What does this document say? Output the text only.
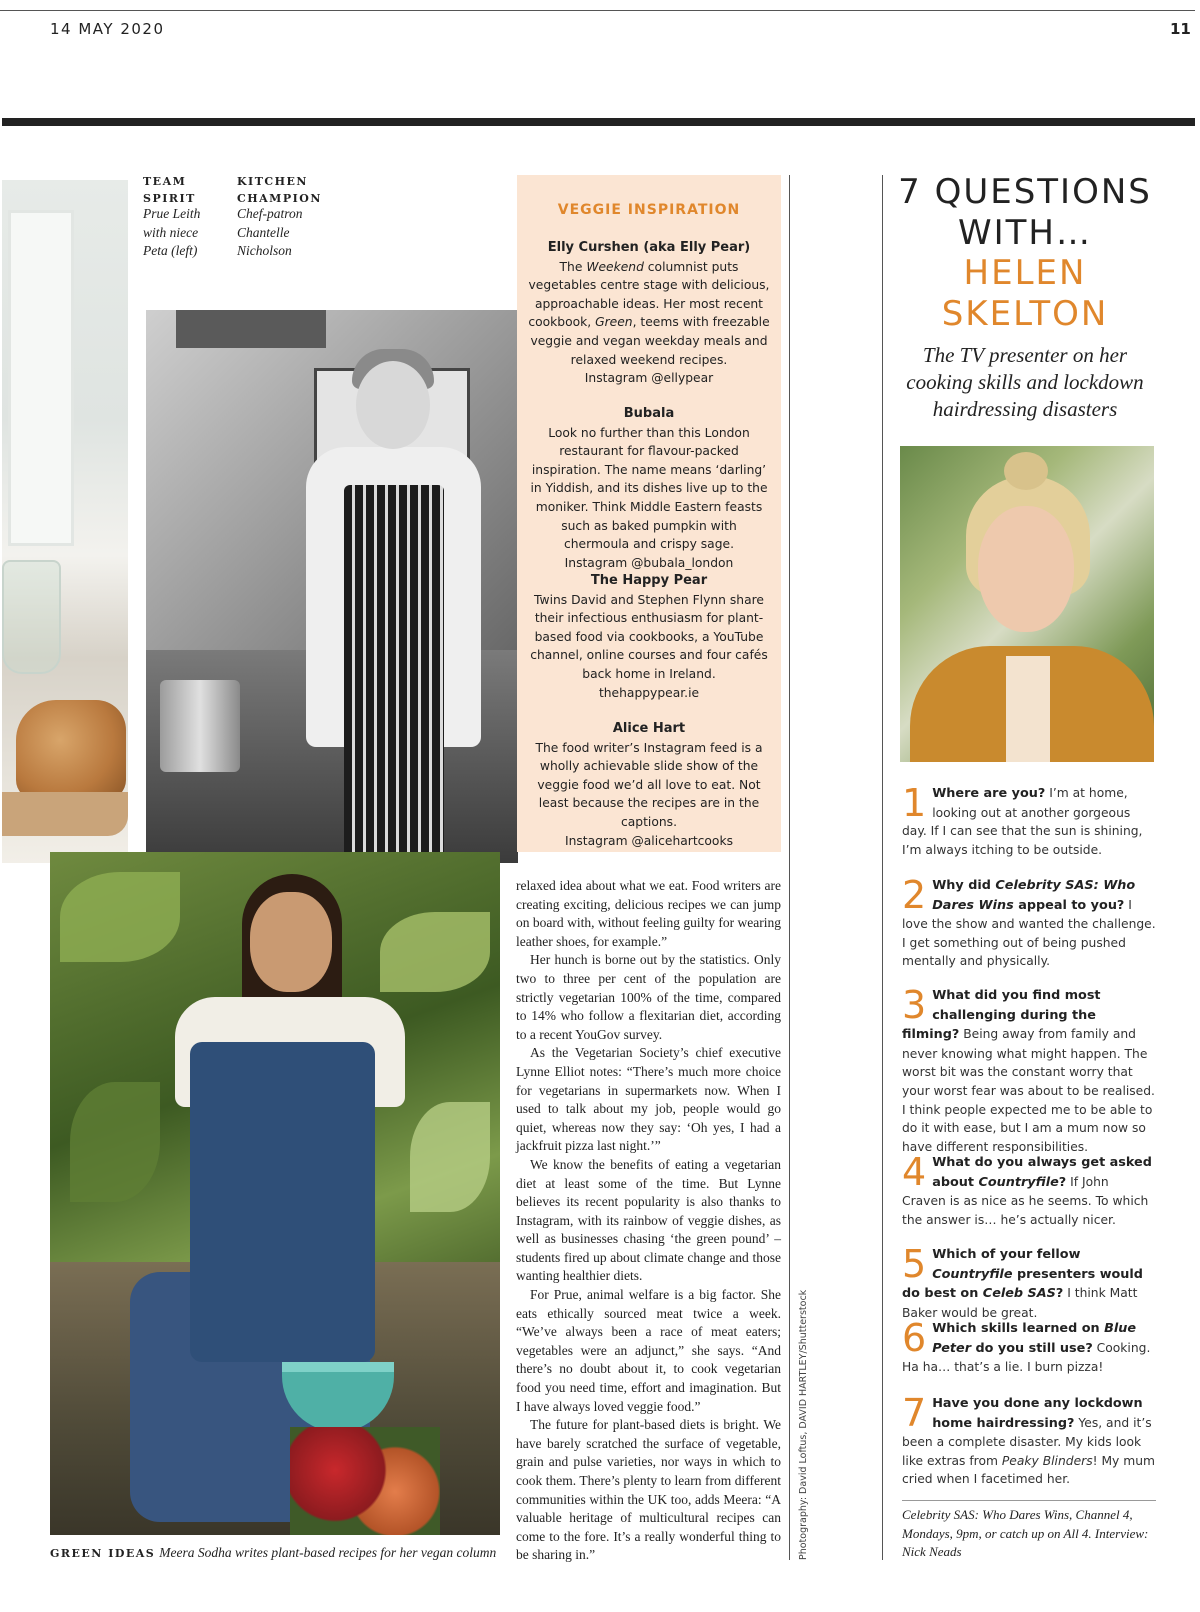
14 MAY 2020	11
TEAM
SPIRIT
Prue Leith
with niece
Peta (left)
KITCHEN
CHAMPION
Chef-patron
Chantelle
Nicholson
VEGGIE INSPIRATION
Elly Curshen (aka Elly Pear)
The Weekend columnist puts vegetables centre stage with delicious, approachable ideas. Her most recent cookbook, Green, teems with freezable veggie and vegan weekday meals and relaxed weekend recipes.
Instagram @ellypear
Bubala
Look no further than this London restaurant for flavour-packed inspiration. The name means ‘darling’ in Yiddish, and its dishes live up to the moniker. Think Middle Eastern feasts such as baked pumpkin with chermoula and crispy sage.
Instagram @bubala_london
The Happy Pear
Twins David and Stephen Flynn share their infectious enthusiasm for plant-based food via cookbooks, a YouTube channel, online courses and four cafés back home in Ireland.
thehappypear.ie
Alice Hart
The food writer’s Instagram feed is a wholly achievable slide show of the veggie food we’d all love to eat. Not least because the recipes are in the captions.
Instagram @alicehartcooks
GREEN IDEAS Meera Sodha writes plant-based recipes for her vegan column

relaxed idea about what we eat. Food writers are creating exciting, delicious recipes we can jump on board with, without feeling guilty for wearing leather shoes, for example.”

Her hunch is borne out by the statistics. Only two to three per cent of the population are strictly vegetarian 100% of the time, compared to 14% who follow a flexitarian diet, according to a recent YouGov survey.

As the Vegetarian Society’s chief executive Lynne Elliot notes: “There’s much more choice for vegetarians in supermarkets now. When I used to talk about my job, people would go quiet, whereas now they say: ‘Oh yes, I had a jackfruit pizza last night.’”

We know the benefits of eating a vegetarian diet at least some of the time. But Lynne believes its recent popularity is also thanks to Instagram, with its rainbow of veggie dishes, as well as businesses chasing ‘the green pound’ – students fired up about climate change and those wanting healthier diets.

For Prue, animal welfare is a big factor. She eats ethically sourced meat twice a week. “We’ve always been a race of meat eaters; vegetables were an adjunct,” she says. “And there’s no doubt about it, to cook vegetarian food you need time, effort and imagination. But I have always loved veggie food.”

The future for plant-based diets is bright. We have barely scratched the surface of vegetable, grain and pulse varieties, nor ways in which to cook them. There’s plenty to learn from different communities within the UK too, adds Meera: “A valuable heritage of multicultural recipes can come to the fore. It’s a really wonderful thing to be sharing in.”	Photography: David Loftus, DAVID HARTLEY/Shutterstock
7 QUESTIONS
WITH…
HELEN
SKELTON
The TV presenter on her cooking skills and lockdown hairdressing disasters
1 Where are you? I’m at home, looking out at another gorgeous day. If I can see that the sun is shining, I’m always itching to be outside.
2 Why did Celebrity SAS: Who Dares Wins appeal to you? I love the show and wanted the challenge. I get something out of being pushed mentally and physically.
3 What did you find most challenging during the filming? Being away from family and never knowing what might happen. The worst bit was the constant worry that your worst fear was about to be realised. I think people expected me to be able to do it with ease, but I am a mum now so have different responsibilities.
4 What do you always get asked about Countryfile? If John Craven is as nice as he seems. To which the answer is… he’s actually nicer.
5 Which of your fellow Countryfile presenters would do best on Celeb SAS? I think Matt Baker would be great.
6 Which skills learned on Blue Peter do you still use? Cooking. Ha ha… that’s a lie. I burn pizza!
7 Have you done any lockdown home hairdressing? Yes, and it’s been a complete disaster. My kids look like extras from Peaky Blinders! My mum cried when I facetimed her.
Celebrity SAS: Who Dares Wins, Channel 4, Mondays, 9pm, or catch up on All 4. Interview: Nick Neads
